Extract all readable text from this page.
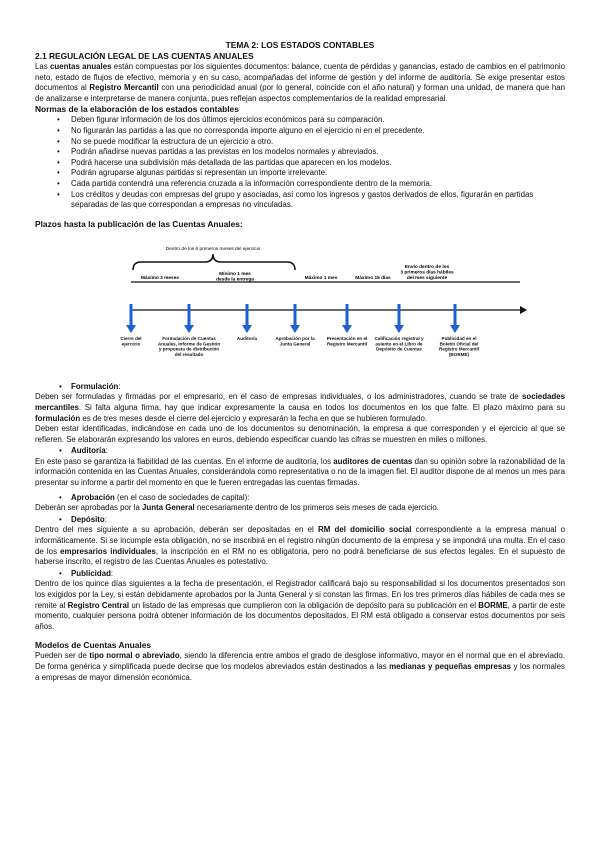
TEMA 2: LOS ESTADOS CONTABLES
2.1 REGULACIÓN LEGAL DE LAS CUENTAS ANUALES

Las cuentas anuales están compuestas por los siguientes documentos: balance, cuenta de pérdidas y ganancias, estado de cambios en el patrimonio neto, estado de flujos de efectivo, memoria y en su caso, acompañadas del informe de gestión y del informe de auditoría. Se exige presentar estos documentos al Registro Mercantil con una periodicidad anual (por lo general, coincide con el año natural) y forman una unidad, de manera que han de analizarse e interpretarse de manera conjunta, pues reflejan aspectos complementarios de la realidad empresarial.

Normas de la elaboración de los estados contables
• Deben figurar información de los dos últimos ejercicios económicos para su comparación.
• No figurarán las partidas a las que no corresponda importe alguno en el ejercicio ni en el precedente.
• No se puede modificar la estructura de un ejercicio a otro.
• Podrán añadirse nuevas partidas a las previstas en los modelos normales y abreviados.
• Podrá hacerse una subdivisión más detallada de las partidas que aparecen en los modelos.
• Podrán agruparse algunas partidas si representan un importe irrelevante.
• Cada partida contendrá una referencia cruzada a la información correspondiente dentro de la memoria.
• Los créditos y deudas con empresas del grupo y asociadas, así como los ingresos y gastos derivados de ellos, figurarán en partidas separadas de las que correspondan a empresas no vinculadas.
Plazos hasta la publicación de las Cuentas Anuales:
Dentro de los 6 primeros meses del ejercicio
Máximo 3 meses
Mínimo 1 mes desde la entrega	Máximo 1 mes	Máximo 15 días
Envío dentro de los 3 primeros días hábiles del mes siguiente
Cierre del ejercicio
Formulación de Cuentas Anuales, Informe de Gestión y propuesta de distribución del resultado
Auditoría	Aprobación por la Junta General
Presentación en el Registro Mercantil
Calificación registral y asiento en el Libro de Depósito de Cuentas
Publicidad en el Boletín Oficial del Registro Mercantil (BORME)
• Formulación:

Deben ser formuladas y firmadas por el empresario, en el caso de empresas individuales, o los administradores, cuando se trate de sociedades mercantiles. Si falta alguna firma, hay que indicar expresamente la causa en todos los documentos en los que falte. El plazo máximo para su formulación es de tres meses desde el cierre del ejercicio y expresarán la fecha en que se hubieren formulado.

Deben estar identificadas, indicándose en cada uno de los documentos su denominación, la empresa a que corresponden y el ejercicio al que se refieren. Se elaborarán expresando los valores en euros, debiendo especificar cuando las cifras se muestren en miles o millones.

• Auditoría:

En este paso se garantiza la fiabilidad de las cuentas. En el informe de auditoría, los auditores de cuentas dan su opinión sobre la razonabilidad de la información contenida en las Cuentas Anuales, considerándola como representativa o no de la imagen fiel. El auditor dispone de al menos un mes para presentar su informe a partir del momento en que le fueren entregadas las cuentas firmadas.

• Aprobación (en el caso de sociedades de capital):

Deberán ser aprobadas por la Junta General necesariamente dentro de los primeros seis meses de cada ejercicio.

• Depósito:

Dentro del mes siguiente a su aprobación, deberán ser depositadas en el RM del domicilio social correspondiente a la empresa manual o informáticamente. Si se incumple esta obligación, no se inscribirá en el registro ningún documento de la empresa y se impondrá una multa. En el caso de los empresarios individuales, la inscripción en el RM no es obligatoria, pero no podrá beneficiarse de sus efectos legales. En el supuesto de haberse inscrito, el registro de las Cuentas Anuales es potestativo.

• Publicidad:

Dentro de los quince días siguientes a la fecha de presentación, el Registrador calificará bajo su responsabilidad si los documentos presentados son los exigidos por la Ley, si están debidamente aprobados por la Junta General y si constan las firmas. En los tres primeros días hábiles de cada mes se remite al Registro Central un listado de las empresas que cumplieron con la obligación de depósito para su publicación en el BORME, a partir de este momento, cualquier persona podrá obtener información de los documentos depositados. El RM está obligado a conservar estos documentos por seis años.

Modelos de Cuentas Anuales

Pueden ser de tipo normal o abreviado, siendo la diferencia entre ambos el grado de desglose informativo, mayor en el normal que en el abreviado. De forma genérica y simplificada puede decirse que los modelos abreviados están destinados a las medianas y pequeñas empresas y los normales a empresas de mayor dimensión económica.
